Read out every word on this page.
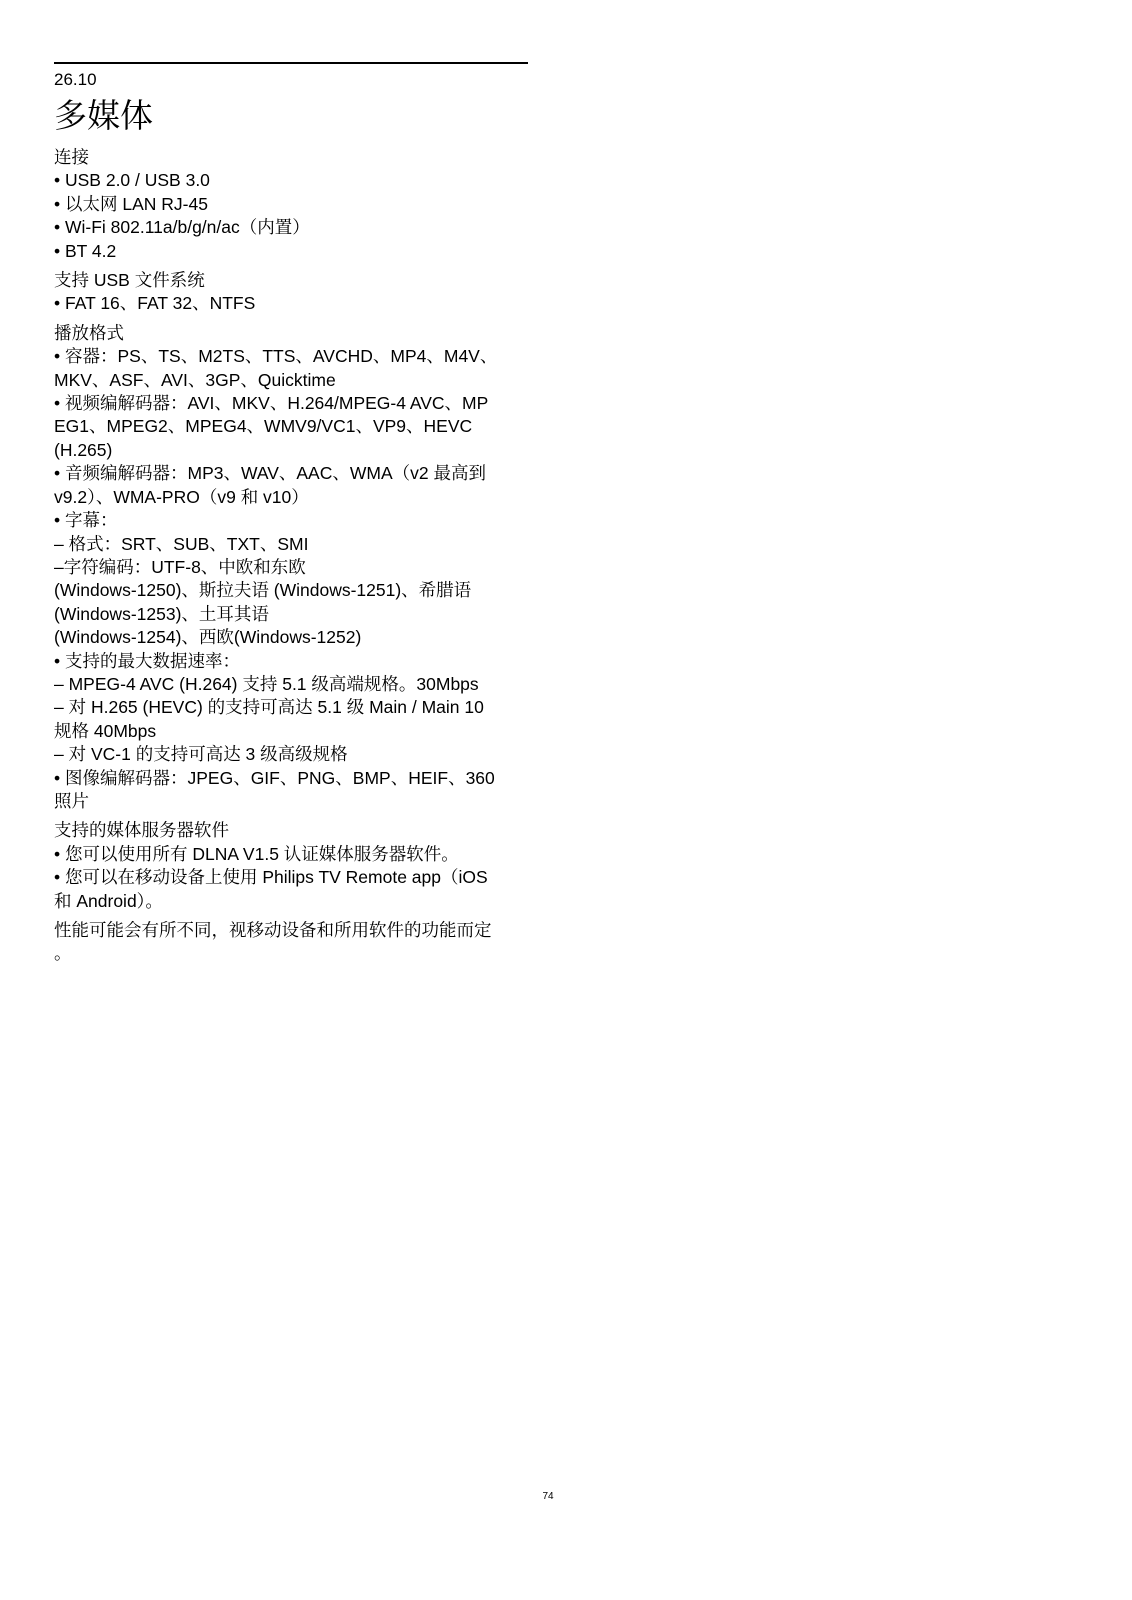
26.10
多媒体
连接
• USB 2.0 / USB 3.0
• 以太网 LAN RJ-45
• Wi-Fi 802.11a/b/g/n/ac（内置）
• BT 4.2
支持 USB 文件系统
• FAT 16、FAT 32、NTFS
播放格式
• 容器：PS、TS、M2TS、TTS、AVCHD、MP4、M4V、
MKV、ASF、AVI、3GP、Quicktime
• 视频编解码器：AVI、MKV、H.264/MPEG-4 AVC、MP
EG1、MPEG2、MPEG4、WMV9/VC1、VP9、HEVC
(H.265)
• 音频编解码器：MP3、WAV、AAC、WMA（v2 最高到
v9.2）、WMA-PRO（v9 和 v10）
• 字幕：
– 格式：SRT、SUB、TXT、SMI
–字符编码：UTF-8、中欧和东欧
(Windows-1250)、斯拉夫语 (Windows-1251)、希腊语
(Windows-1253)、土耳其语
(Windows-1254)、西欧(Windows-1252)
• 支持的最大数据速率：
– MPEG-4 AVC (H.264) 支持 5.1 级高端规格。30Mbps
– 对 H.265 (HEVC) 的支持可高达 5.1 级 Main / Main 10
规格 40Mbps
– 对 VC-1 的支持可高达 3 级高级规格
• 图像编解码器：JPEG、GIF、PNG、BMP、HEIF、360
照片
支持的媒体服务器软件
• 您可以使用所有 DLNA V1.5 认证媒体服务器软件。
• 您可以在移动设备上使用 Philips TV Remote app（iOS
和 Android）。
性能可能会有所不同，视移动设备和所用软件的功能而定
。
74
